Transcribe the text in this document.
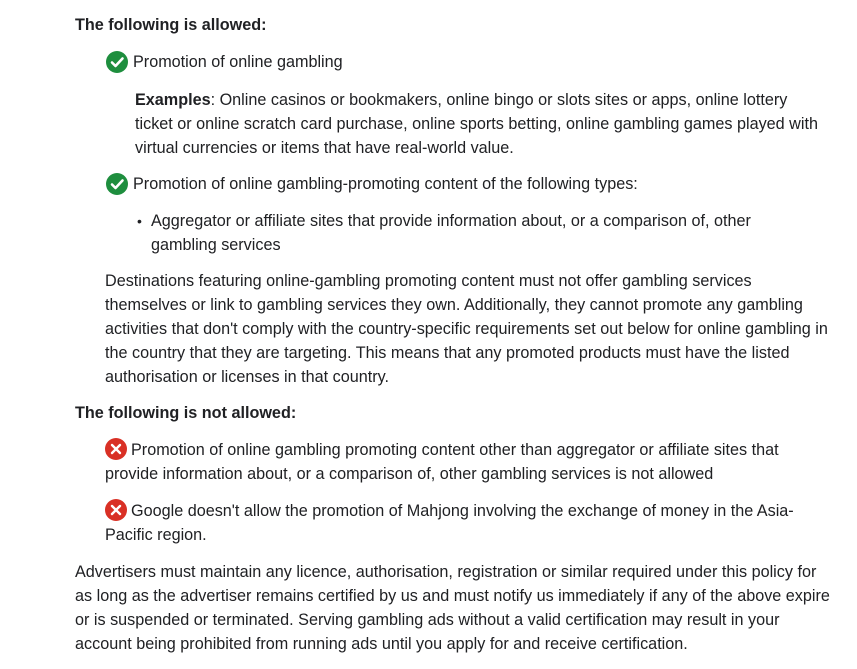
The following is allowed:
Promotion of online gambling
Examples: Online casinos or bookmakers, online bingo or slots sites or apps, online lottery ticket or online scratch card purchase, online sports betting, online gambling games played with virtual currencies or items that have real-world value.
Promotion of online gambling-promoting content of the following types:
• Aggregator or affiliate sites that provide information about, or a comparison of, other gambling services
Destinations featuring online-gambling promoting content must not offer gambling services themselves or link to gambling services they own. Additionally, they cannot promote any gambling activities that don't comply with the country-specific requirements set out below for online gambling in the country that they are targeting. This means that any promoted products must have the listed authorisation or licenses in that country.
The following is not allowed:
Promotion of online gambling promoting content other than aggregator or affiliate sites that provide information about, or a comparison of, other gambling services is not allowed
Google doesn't allow the promotion of Mahjong involving the exchange of money in the Asia-Pacific region.
Advertisers must maintain any licence, authorisation, registration or similar required under this policy for as long as the advertiser remains certified by us and must notify us immediately if any of the above expire or is suspended or terminated. Serving gambling ads without a valid certification may result in your account being prohibited from running ads until you apply for and receive certification.
